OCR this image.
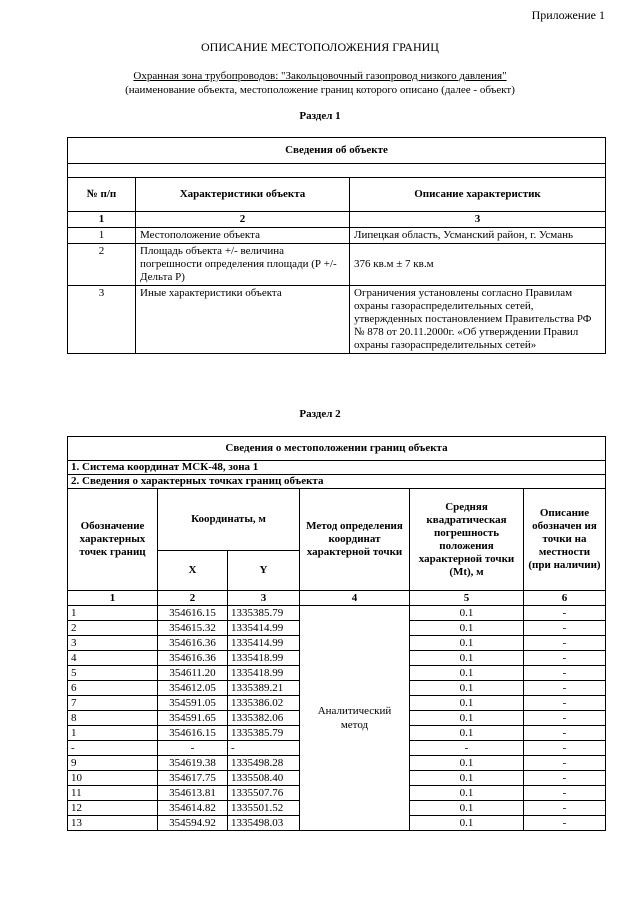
Приложение 1
ОПИСАНИЕ МЕСТОПОЛОЖЕНИЯ ГРАНИЦ
Охранная зона трубопроводов: "Закольцовочный газопровод низкого давления"
(наименование объекта, местоположение границ которого описано (далее - объект)
Раздел 1
Сведения об объекте		

№ п/п	Характеристики объекта	Описание характеристик
1	2	3
1	Местоположение объекта	Липецкая область, Усманский район, г. Усмань
2	Площадь объекта +/- величина погрешности определения площади (Р +/- Дельта Р)	376 кв.м ± 7 кв.м
3	Иные характеристики объекта	Ограничения установлены согласно Правилам охраны газораспределительных сетей, утвержденных постановлением Правительства РФ № 878 от 20.11.2000г. «Об утверждении Правил охраны газораспределительных сетей»
Раздел 2
Сведения о местоположении границ объекта					
1. Система координат МСК-48, зона 1					
2. Сведения о характерных точках границ объекта					
Обозначение характерных точек границ	Координаты, м		Метод определения координат характерной точки	Средняя квадратическая погрешность положения характерной точки (Mt), м	Описание обозначен ия точки на местности (при наличии)
	X	Y			
1	2	3	4	5	6
1	354616.15	1335385.79	Аналитический метод	0.1	-
2	354615.32	1335414.99		0.1	-
3	354616.36	1335414.99		0.1	-
4	354616.36	1335418.99		0.1	-
5	354611.20	1335418.99		0.1	-
6	354612.05	1335389.21		0.1	-
7	354591.05	1335386.02		0.1	-
8	354591.65	1335382.06		0.1	-
1	354616.15	1335385.79		0.1	-
-	-	-		-	-
9	354619.38	1335498.28		0.1	-
10	354617.75	1335508.40		0.1	-
11	354613.81	1335507.76		0.1	-
12	354614.82	1335501.52		0.1	-
13	354594.92	1335498.03		0.1	-
